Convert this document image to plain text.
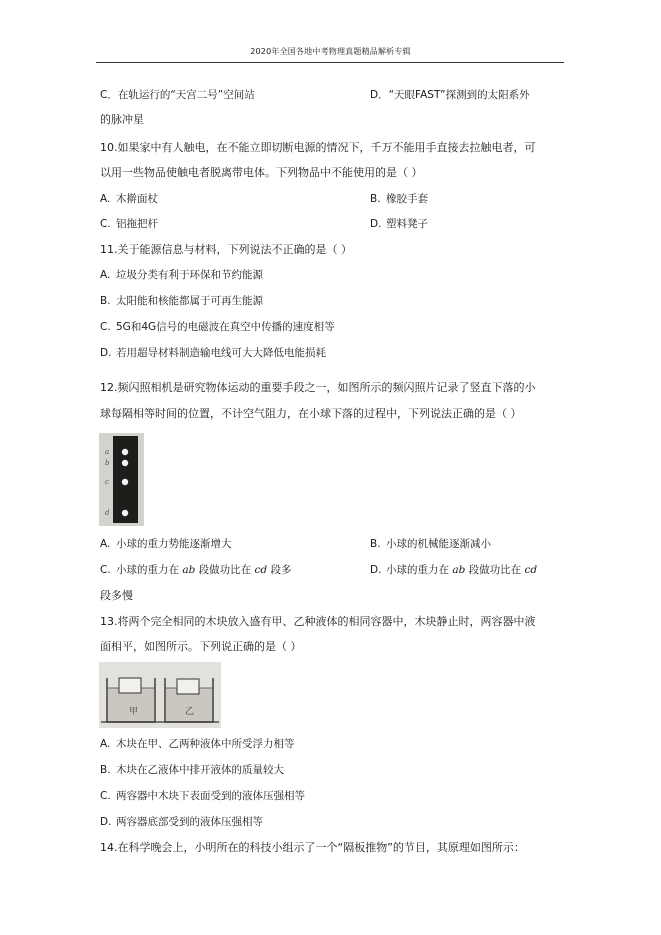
2020年全国各地中考物理真题精品解析专辑
C．在轨运行的“天宫二号”空间站	D．“天眼FAST”探测到的太阳系外
的脉冲星
10.如果家中有人触电，在不能立即切断电源的情况下，千万不能用手直接去拉触电者，可
以用一些物品使触电者脱离带电体。下列物品中不能使用的是（ ）
A. 木擀面杖	B. 橡胶手套
C. 铝拖把杆	D. 塑料凳子
11.关于能源信息与材料，下列说法不正确的是（ ）
A. 垃圾分类有利于环保和节约能源
B. 太阳能和核能都属于可再生能源
C. 5G和4G信号的电磁波在真空中传播的速度相等
D. 若用超导材料制造输电线可大大降低电能损耗
12.频闪照相机是研究物体运动的重要手段之一，如图所示的频闪照片记录了竖直下落的小
球每隔相等时间的位置，不计空气阻力，在小球下落的过程中，下列说法正确的是（ ）
a
b
c
d
A. 小球的重力势能逐渐增大	B. 小球的机械能逐渐减小
C. 小球的重力在 ab 段做功比在 cd 段多	D. 小球的重力在 ab 段做功比在 cd
段多慢
13.将两个完全相同的木块放入盛有甲、乙种液体的相同容器中，木块静止时，两容器中液
面相平，如图所示。下列说正确的是（ ）
甲	乙
A. 木块在甲、乙两种液体中所受浮力相等
B. 木块在乙液体中排开液体的质量较大
C. 两容器中木块下表面受到的液体压强相等
D. 两容器底部受到的液体压强相等
14.在科学晚会上，小明所在的科技小组示了一个“隔板推物”的节目，其原理如图所示：
